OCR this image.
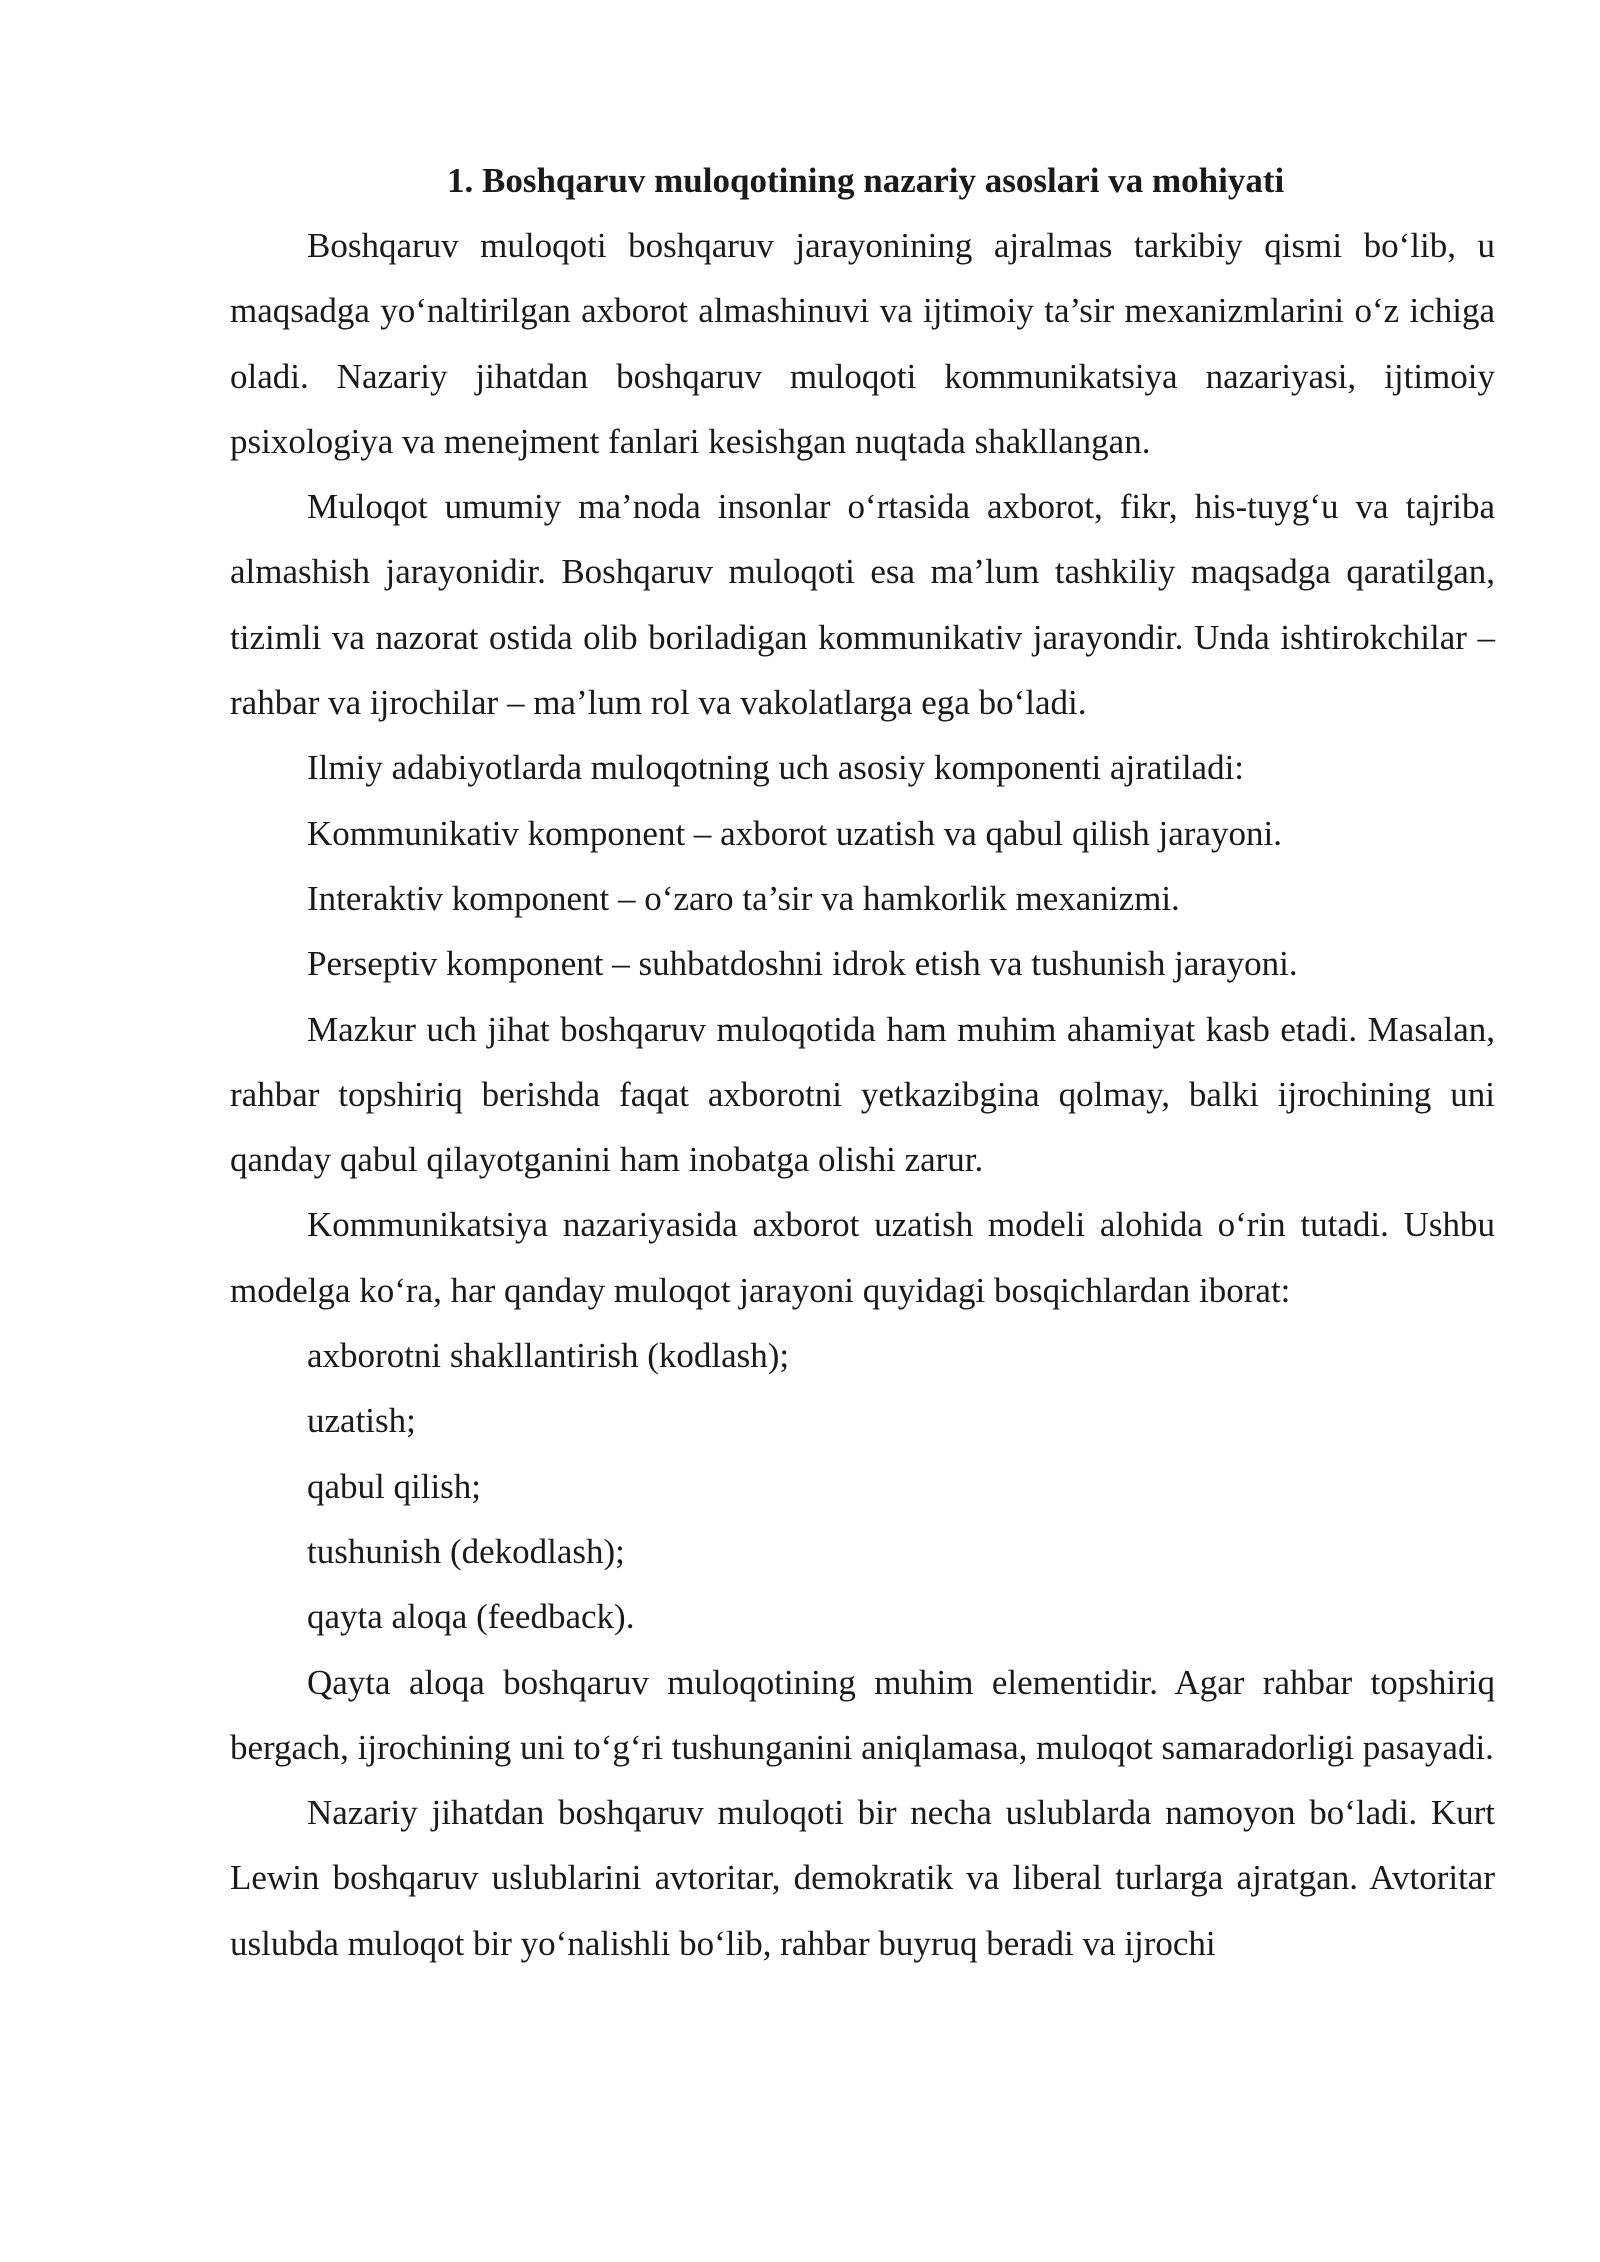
1. Boshqaruv muloqotining nazariy asoslari va mohiyati

Boshqaruv muloqoti boshqaruv jarayonining ajralmas tarkibiy qismi bo‘lib, u maqsadga yo‘naltirilgan axborot almashinuvi va ijtimoiy ta’sir mexanizmlarini o‘z ichiga oladi. Nazariy jihatdan boshqaruv muloqoti kommunikatsiya nazariyasi, ijtimoiy psixologiya va menejment fanlari kesishgan nuqtada shakllangan.

Muloqot umumiy ma’noda insonlar o‘rtasida axborot, fikr, his-tuyg‘u va tajriba almashish jarayonidir. Boshqaruv muloqoti esa ma’lum tashkiliy maqsadga qaratilgan, tizimli va nazorat ostida olib boriladigan kommunikativ jarayondir. Unda ishtirokchilar – rahbar va ijrochilar – ma’lum rol va vakolatlarga ega bo‘ladi.

Ilmiy adabiyotlarda muloqotning uch asosiy komponenti ajratiladi:

Kommunikativ komponent – axborot uzatish va qabul qilish jarayoni.

Interaktiv komponent – o‘zaro ta’sir va hamkorlik mexanizmi.

Perseptiv komponent – suhbatdoshni idrok etish va tushunish jarayoni.

Mazkur uch jihat boshqaruv muloqotida ham muhim ahamiyat kasb etadi. Masalan, rahbar topshiriq berishda faqat axborotni yetkazibgina qolmay, balki ijrochining uni qanday qabul qilayotganini ham inobatga olishi zarur.

Kommunikatsiya nazariyasida axborot uzatish modeli alohida o‘rin tutadi. Ushbu modelga ko‘ra, har qanday muloqot jarayoni quyidagi bosqichlardan iborat:

axborotni shakllantirish (kodlash);

uzatish;

qabul qilish;

tushunish (dekodlash);

qayta aloqa (feedback).

Qayta aloqa boshqaruv muloqotining muhim elementidir. Agar rahbar topshiriq bergach, ijrochining uni to‘g‘ri tushunganini aniqlamasa, muloqot samaradorligi pasayadi.

Nazariy jihatdan boshqaruv muloqoti bir necha uslublarda namoyon bo‘ladi. Kurt Lewin boshqaruv uslublarini avtoritar, demokratik va liberal turlarga ajratgan. Avtoritar uslubda muloqot bir yo‘nalishli bo‘lib, rahbar buyruq beradi va ijrochi
